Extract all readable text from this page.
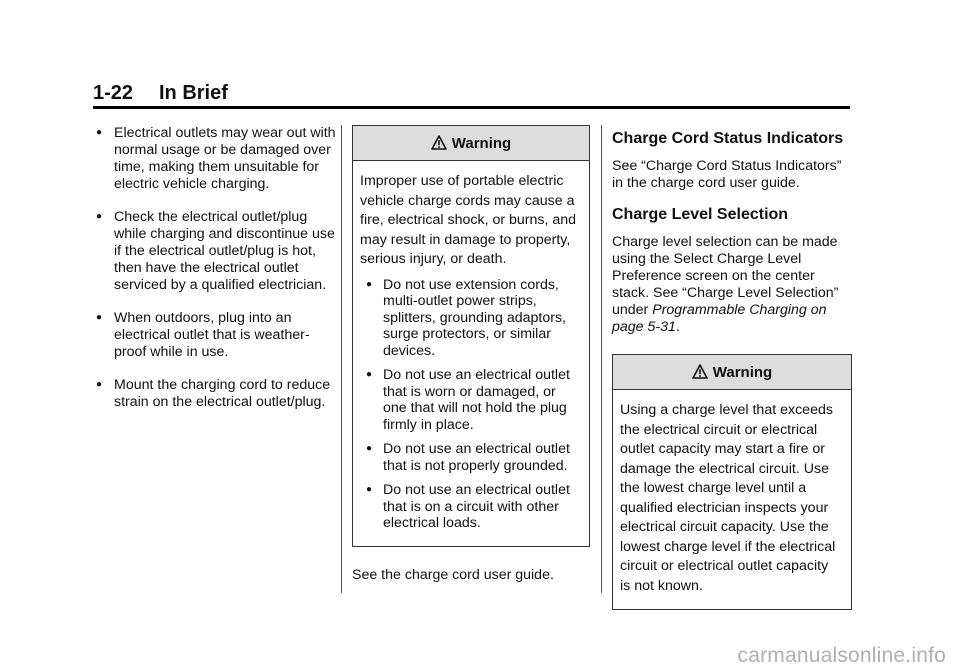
1-22 In Brief
● Electrical outlets may wear out with normal usage or be damaged over time, making them unsuitable for electric vehicle charging.
● Check the electrical outlet/plug while charging and discontinue use if the electrical outlet/plug is hot, then have the electrical outlet serviced by a qualified electrician.
● When outdoors, plug into an electrical outlet that is weather-proof while in use.
● Mount the charging cord to reduce strain on the electrical outlet/plug.
Warning

Improper use of portable electric vehicle charge cords may cause a fire, electrical shock, or burns, and may result in damage to property, serious injury, or death.

● Do not use extension cords, multi-outlet power strips, splitters, grounding adaptors, surge protectors, or similar devices.
● Do not use an electrical outlet that is worn or damaged, or one that will not hold the plug firmly in place.
● Do not use an electrical outlet that is not properly grounded.
● Do not use an electrical outlet that is on a circuit with other electrical loads.

See the charge cord user guide.

Charge Cord Status Indicators

See “Charge Cord Status Indicators” in the charge cord user guide.

Charge Level Selection

Charge level selection can be made using the Select Charge Level Preference screen on the center stack. See “Charge Level Selection” under Programmable Charging on page 5-31.

Warning

Using a charge level that exceeds the electrical circuit or electrical outlet capacity may start a fire or damage the electrical circuit. Use the lowest charge level until a qualified electrician inspects your electrical circuit capacity. Use the lowest charge level if the electrical circuit or electrical outlet capacity is not known.

carmanualsonline.info
